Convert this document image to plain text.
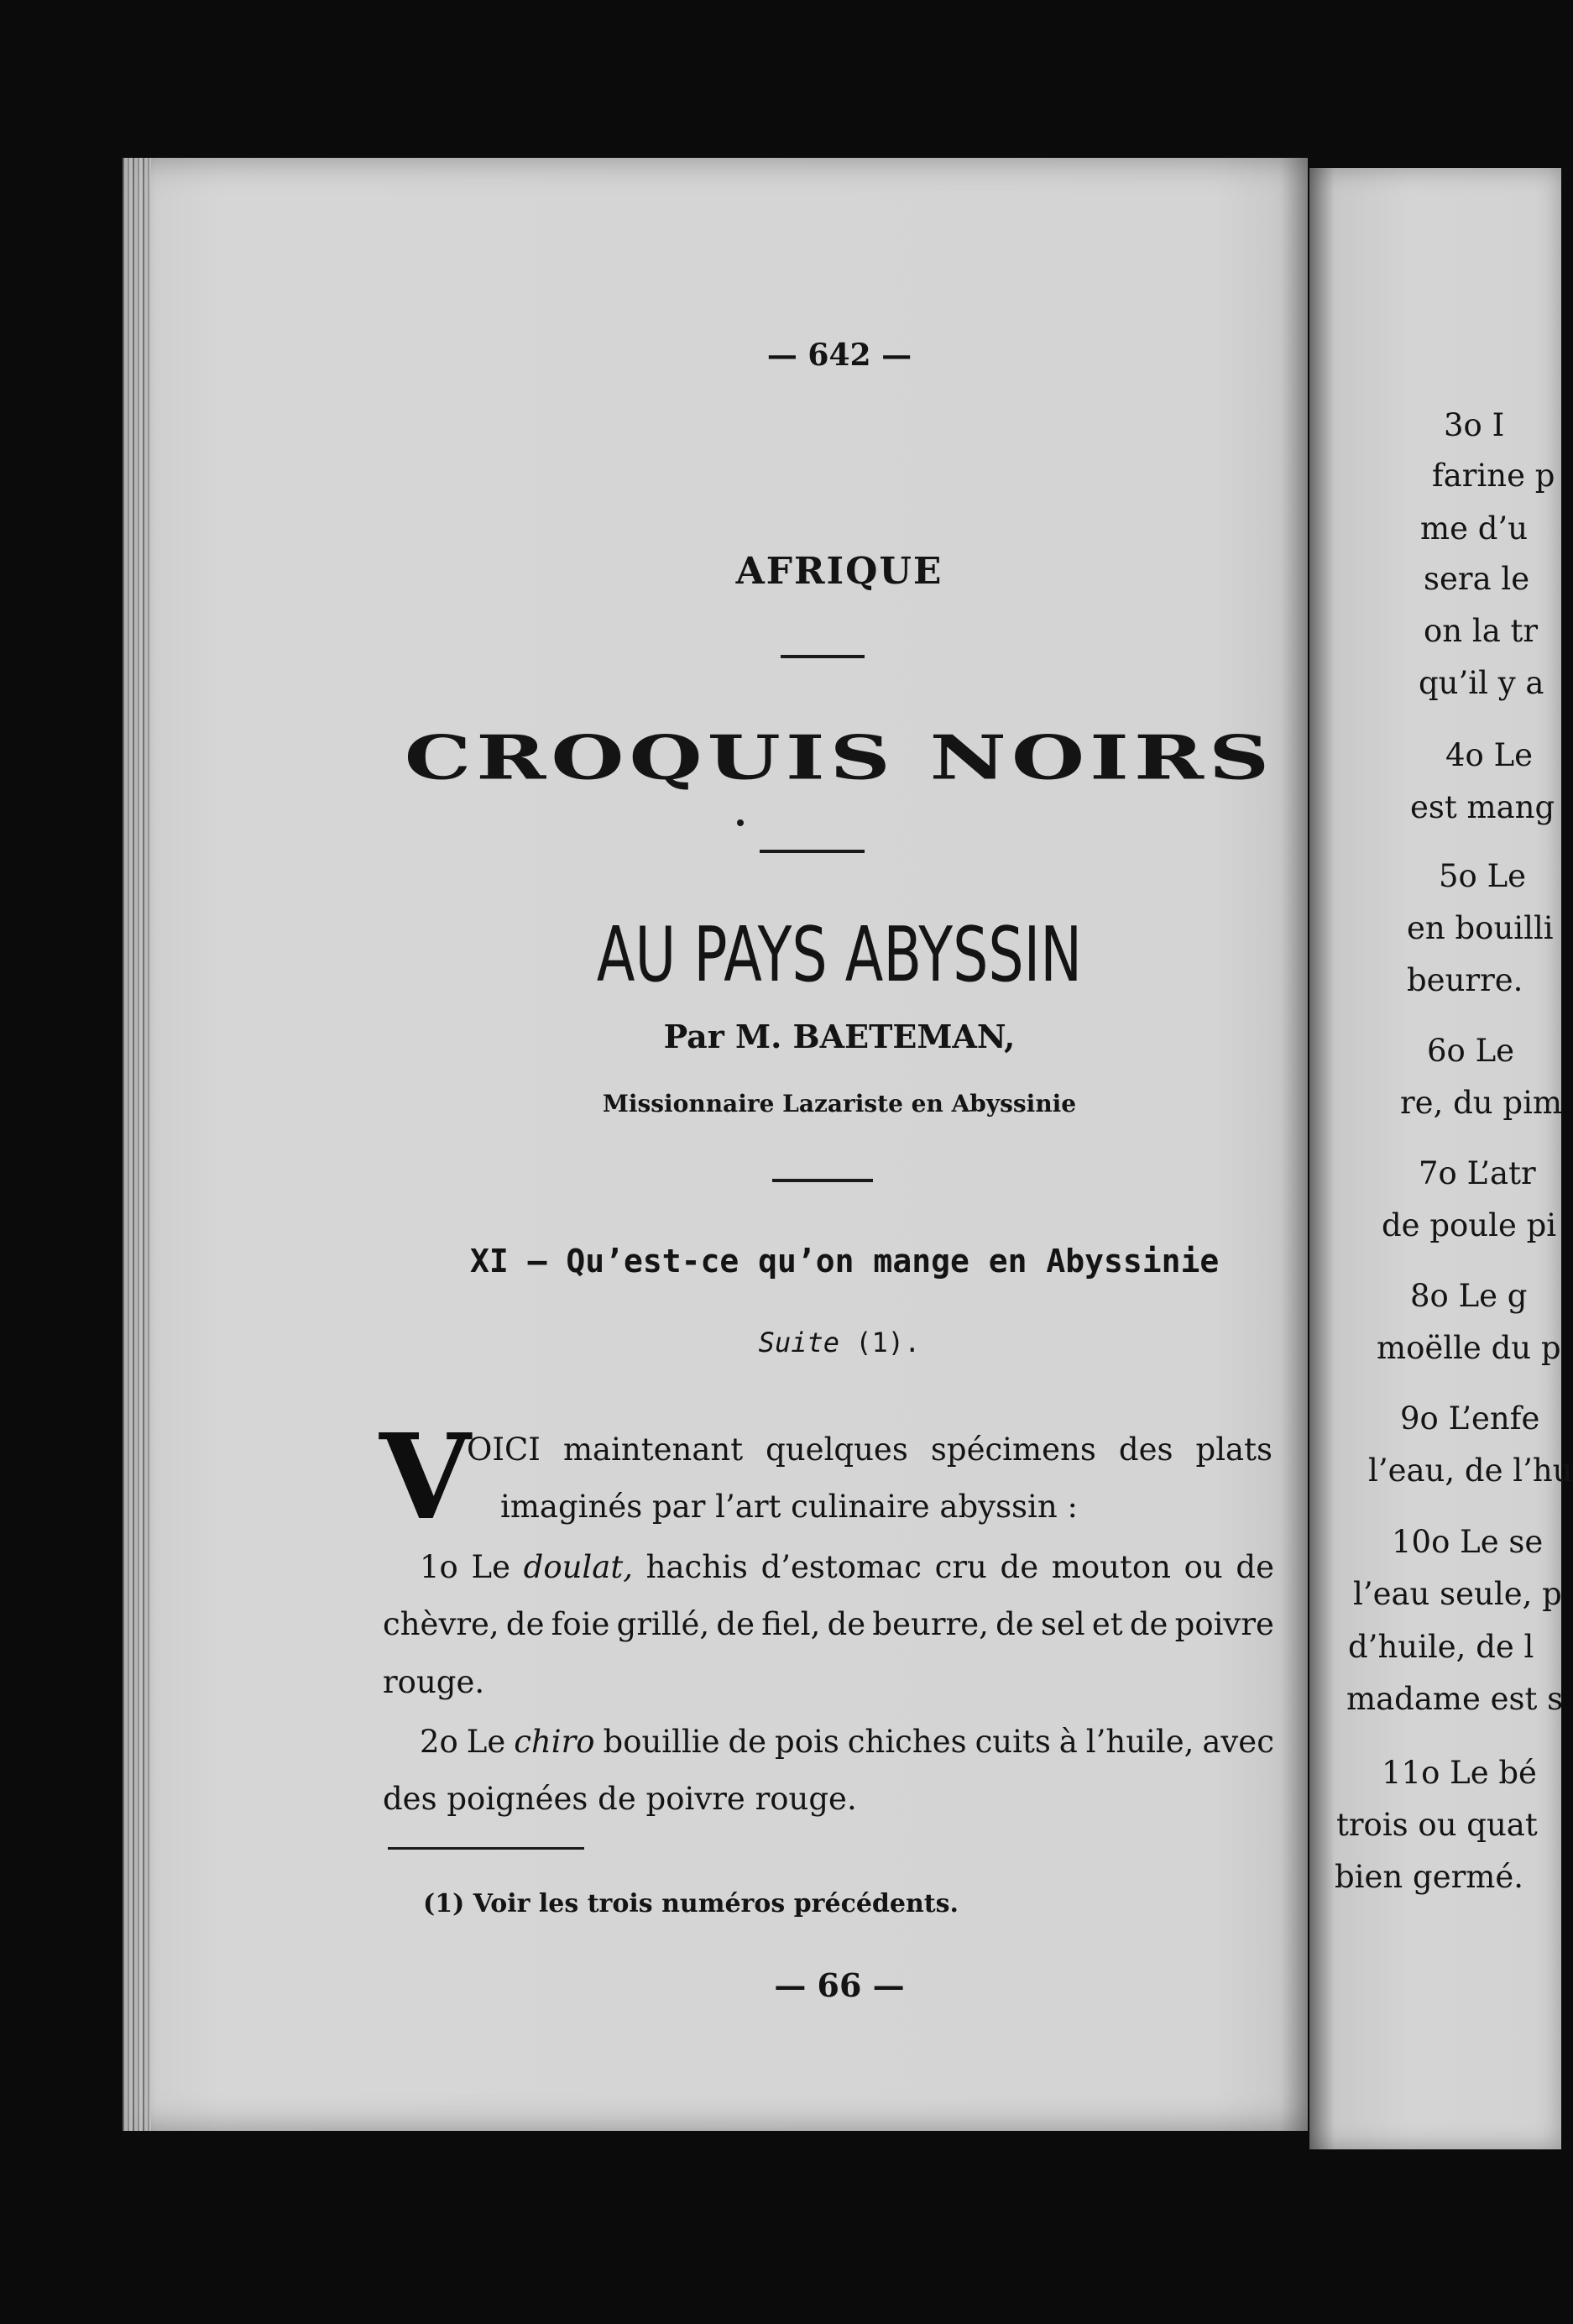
— 642 —
AFRIQUE
CROQUIS NOIRS
AU PAYS ABYSSIN
Par M. BAETEMAN,
Missionnaire Lazariste en Abyssinie
XI – Qu’est-ce qu’on mange en Abyssinie
Suite (1).
V
OICI maintenant quelques spécimens des plats
imaginés par l’art culinaire abyssin :
1o Le doulat, hachis d’estomac cru de mouton ou de
chèvre, de foie grillé, de fiel, de beurre, de sel et de poivre
rouge.
2o Le chiro bouillie de pois chiches cuits à l’huile, avec
des poignées de poivre rouge.
(1) Voir les trois numéros précédents.
— 66 —
3o I
farine p
me d’u
sera le
on la tr
qu’il y a
4o Le
est mang
5o Le
en bouilli
beurre.
6o Le
re, du pim
7o L’atr
de poule pi
8o Le g
moëlle du p
9o L’enfe
l’eau, de l’hu
10o Le se
l’eau seule, p
d’huile, de l
madame est s
11o Le bé
trois ou quat
bien germé.
